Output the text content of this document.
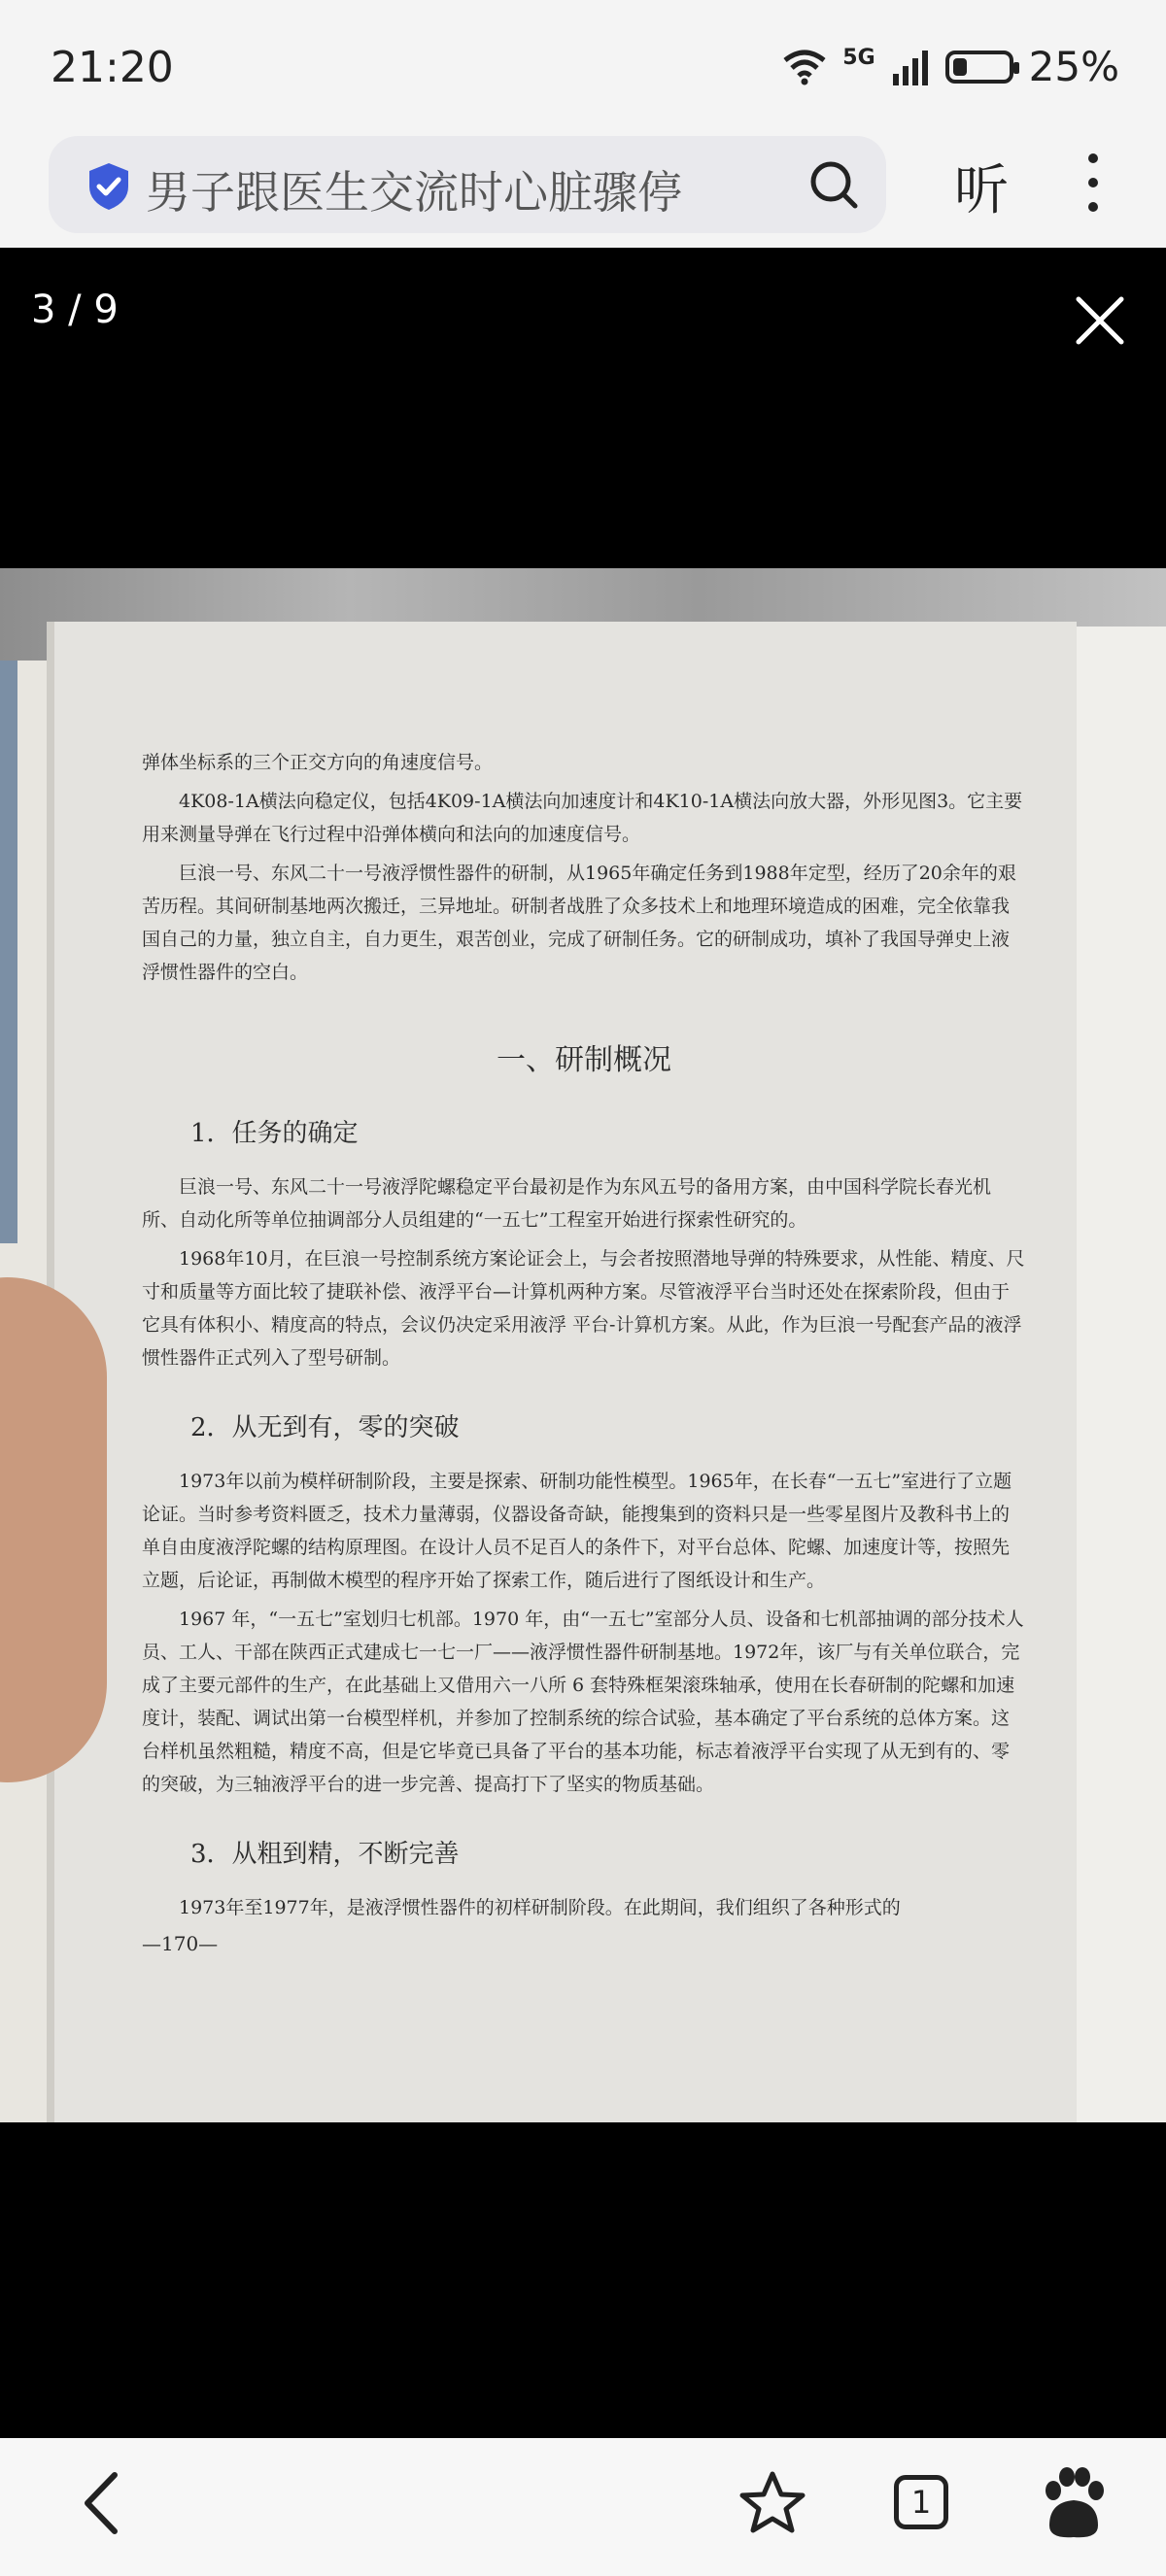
21:20	5G	25%
男子跟医生交流时心脏骤停	听
3 / 9

弹体坐标系的三个正交方向的角速度信号。

4K08-1A横法向稳定仪，包括4K09-1A横法向加速度计和4K10-1A横法向放大器，外形见图3。它主要用来测量导弹在飞行过程中沿弹体横向和法向的加速度信号。

巨浪一号、东风二十一号液浮惯性器件的研制，从1965年确定任务到1988年定型，经历了20余年的艰苦历程。其间研制基地两次搬迁，三异地址。研制者战胜了众多技术上和地理环境造成的困难，完全依靠我国自己的力量，独立自主，自力更生，艰苦创业，完成了研制任务。它的研制成功，填补了我国导弹史上液浮惯性器件的空白。

一、研制概况
1．任务的确定

巨浪一号、东风二十一号液浮陀螺稳定平台最初是作为东风五号的备用方案，由中国科学院长春光机所、自动化所等单位抽调部分人员组建的“一五七”工程室开始进行探索性研究的。

1968年10月，在巨浪一号控制系统方案论证会上，与会者按照潜地导弹的特殊要求，从性能、精度、尺寸和质量等方面比较了捷联补偿、液浮平台—计算机两种方案。尽管液浮平台当时还处在探索阶段，但由于它具有体积小、精度高的特点，会议仍决定采用液浮 平台-计算机方案。从此，作为巨浪一号配套产品的液浮惯性器件正式列入了型号研制。

2．从无到有，零的突破

1973年以前为模样研制阶段，主要是探索、研制功能性模型。1965年，在长春“一五七”室进行了立题论证。当时参考资料匮乏，技术力量薄弱，仪器设备奇缺，能搜集到的资料只是一些零星图片及教科书上的单自由度液浮陀螺的结构原理图。在设计人员不足百人的条件下，对平台总体、陀螺、加速度计等，按照先立题，后论证，再制做木模型的程序开始了探索工作，随后进行了图纸设计和生产。

1967 年，“一五七”室划归七机部。1970 年，由“一五七”室部分人员、设备和七机部抽调的部分技术人员、工人、干部在陕西正式建成七一七一厂——液浮惯性器件研制基地。1972年，该厂与有关单位联合，完成了主要元部件的生产，在此基础上又借用六一八所 6 套特殊框架滚珠轴承，使用在长春研制的陀螺和加速度计，装配、调试出第一台模型样机，并参加了控制系统的综合试验，基本确定了平台系统的总体方案。这台样机虽然粗糙，精度不高，但是它毕竟已具备了平台的基本功能，标志着液浮平台实现了从无到有的、零的突破，为三轴液浮平台的进一步完善、提高打下了坚实的物质基础。

3．从粗到精，不断完善

1973年至1977年，是液浮惯性器件的初样研制阶段。在此期间，我们组织了各种形式的

—170—
1
